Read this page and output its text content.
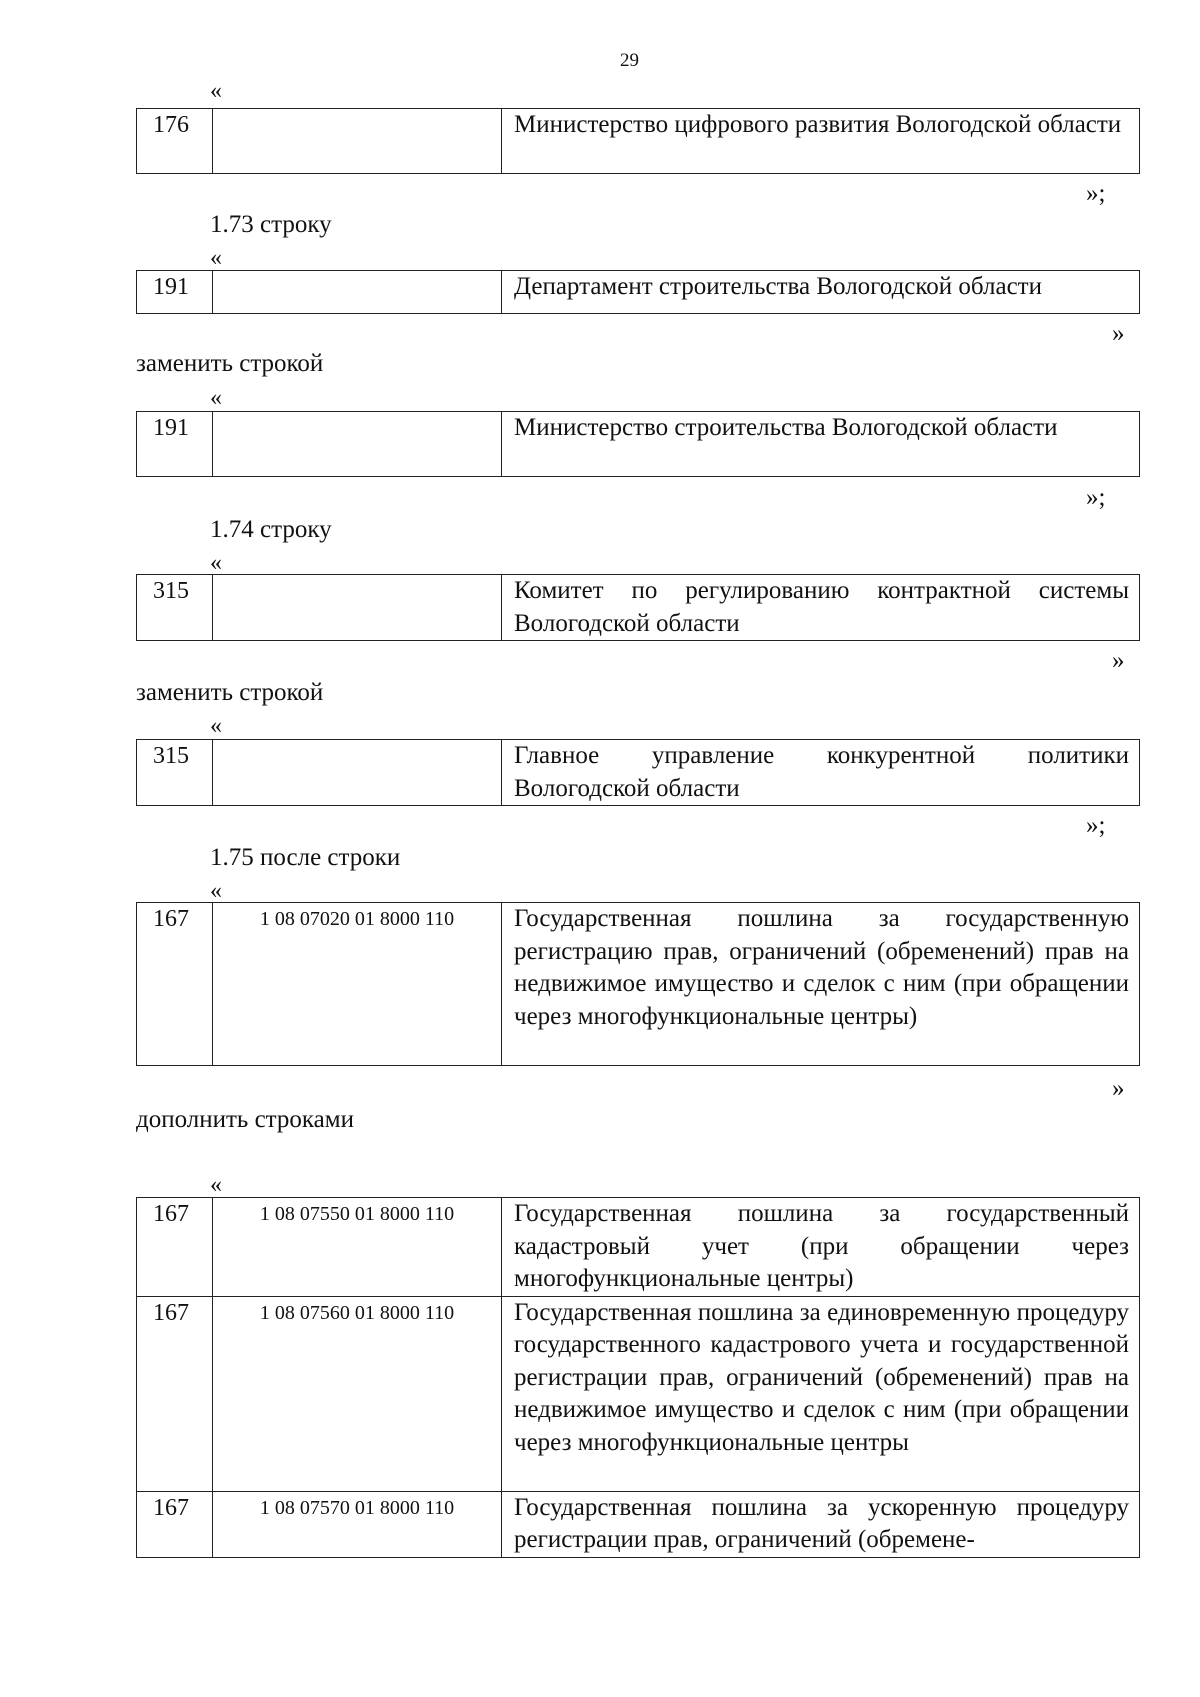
29
«
176		Министерство цифрового развития Вологодской области
»;
1.73 строку
«
191		Департамент строительства Вологодской области
»
заменить строкой
«
191		Министерство строительства Вологодской области
»;
1.74 строку
«
315		Комитет по регулированию контрактной системы Вологодской области
»
заменить строкой
«
315		Главное управление конкурентной политики Вологодской области
»;
1.75 после строки
«
167	1 08 07020 01 8000 110	Государственная пошлина за государственную регистрацию прав, ограничений (обременений) прав на недвижимое имущество и сделок с ним (при обращении через многофункциональные центры)
»
дополнить строками
«
167	1 08 07550 01 8000 110	Государственная пошлина за государственный кадастровый учет (при обращении через многофункциональные центры)

167	1 08 07560 01 8000 110	Государственная пошлина за единовременную процедуру государственного кадастрового учета и государственной регистрации прав, ограничений (обременений) прав на недвижимое имущество и сделок с ним (при обращении через многофункциональные центры

167	1 08 07570 01 8000 110	Государственная пошлина за ускоренную процедуру регистрации прав, ограничений (обремене-
